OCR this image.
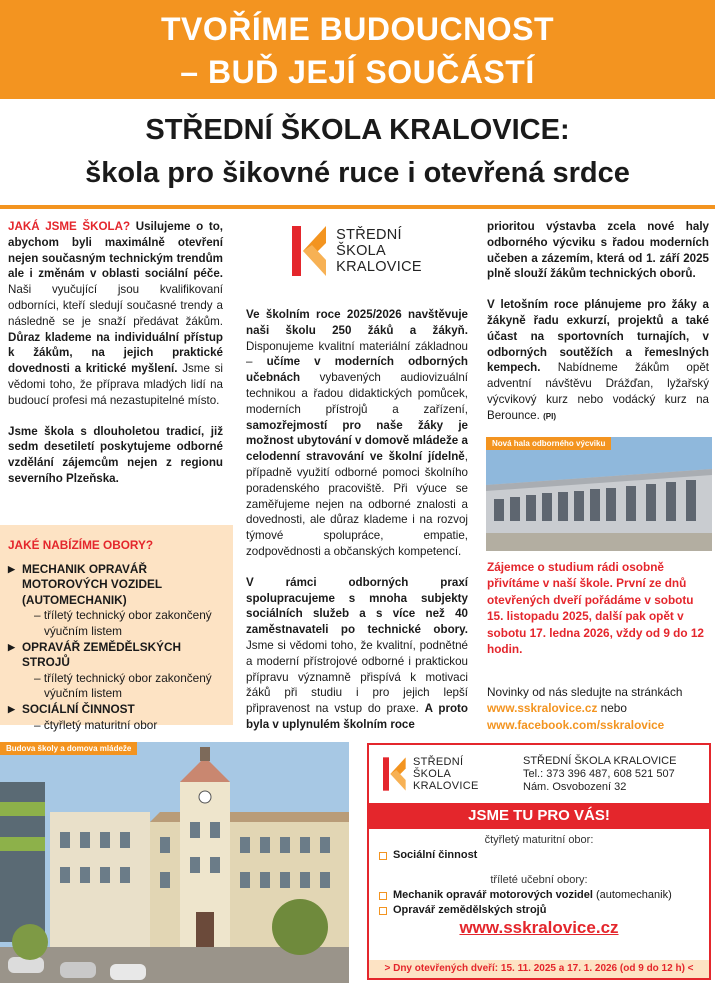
TVOŘÍME BUDOUCNOST
– BUĎ JEJÍ SOUČÁSTÍ
STŘEDNÍ ŠKOLA KRALOVICE:
škola pro šikovné ruce i otevřená srdce

JAKÁ JSME ŠKOLA? Usilujeme o to, abychom byli maximálně otevření nejen současným technickým trendům ale i změnám v oblasti sociální péče. Naši vyučující jsou kvalifikovaní odborníci, kteří sledují současné trendy a následně se je snaží předávat žákům. Důraz klademe na individuální přístup k žákům, na jejich praktické dovednosti a kritické myšlení. Jsme si vědomi toho, že příprava mladých lidí na budoucí profesi má nezastupitelné místo.

Jsme škola s dlouholetou tradicí, již sedm desetiletí poskytujeme odborné vzdělání zájemcům nejen z regionu severního Plzeňska.

JAKÉ NABÍZÍME OBORY?
▶ MECHANIK OPRAVÁŘ MOTOROVÝCH VOZIDEL (AUTOMECHANIK)
– tříletý technický obor zakončený výučním listem
▶ OPRAVÁŘ ZEMĚDĚLSKÝCH STROJŮ
– tříletý technický obor zakončený výučním listem
▶ SOCIÁLNÍ ČINNOST
– čtyřletý maturitní obor
STŘEDNÍ
ŠKOLA
KRALOVICE

Ve školním roce 2025/2026 navštěvuje naši školu 250 žáků a žákyň. Disponujeme kvalitní materiální základnou – učíme v moderních odborných učebnách vybavených audiovizuální technikou a řadou didaktických pomůcek, moderních přístrojů a zařízení, samozřejmostí pro naše žáky je možnost ubytování v domově mládeže a celodenní stravování ve školní jídelně, případně využití odborné pomoci školního poradenského pracoviště. Při výuce se zaměřujeme nejen na odborné znalosti a dovednosti, ale důraz klademe i na rozvoj týmové spolupráce, empatie, zodpovědnosti a občanských kompetencí.

V rámci odborných praxí spolupracujeme s mnoha subjekty sociálních služeb a s více než 40 zaměstnavateli po technické obory. Jsme si vědomi toho, že kvalitní, podnětné a moderní přístrojové odborné i praktickou přípravu významně přispívá k motivaci žáků při studiu i pro jejich lepší připravenost na vstup do praxe. A proto byla v uplynulém školním roce

prioritou výstavba zcela nové haly odborného výcviku s řadou moderních učeben a zázemím, která od 1. září 2025 plně slouží žákům technických oborů.

V letošním roce plánujeme pro žáky a žákyně řadu exkurzí, projektů a také účast na sportovních turnajích, v odborných soutěžích a řemeslných kempech. Nabídneme žákům opět adventní návštěvu Drážďan, lyžařský výcvikový kurz nebo vodácký kurz na Berounce. (PI)

Nová hala odborného výcviku
Zájemce o studium rádi osobně přivítáme v naší škole. První ze dnů otevřených dveří pořádáme v sobotu 15. listopadu 2025, další pak opět v sobotu 17. ledna 2026, vždy od 9 do 12 hodin.
Novinky od nás sledujte na stránkách
www.sskralovice.cz nebo
www.facebook.com/sskralovice
Budova školy a domova mládeže
STŘEDNÍ
ŠKOLA
KRALOVICE
STŘEDNÍ ŠKOLA KRALOVICE
Tel.: 373 396 487, 608 521 507
Nám. Osvobození 32
JSME TU PRO VÁS!
čtyřletý maturitní obor:
Sociální činnost
tříleté učební obory:
Mechanik opravář motorových vozidel (automechanik)
Opravář zemědělských strojů
www.sskralovice.cz
> Dny otevřených dveří: 15. 11. 2025 a 17. 1. 2026 (od 9 do 12 h) <
